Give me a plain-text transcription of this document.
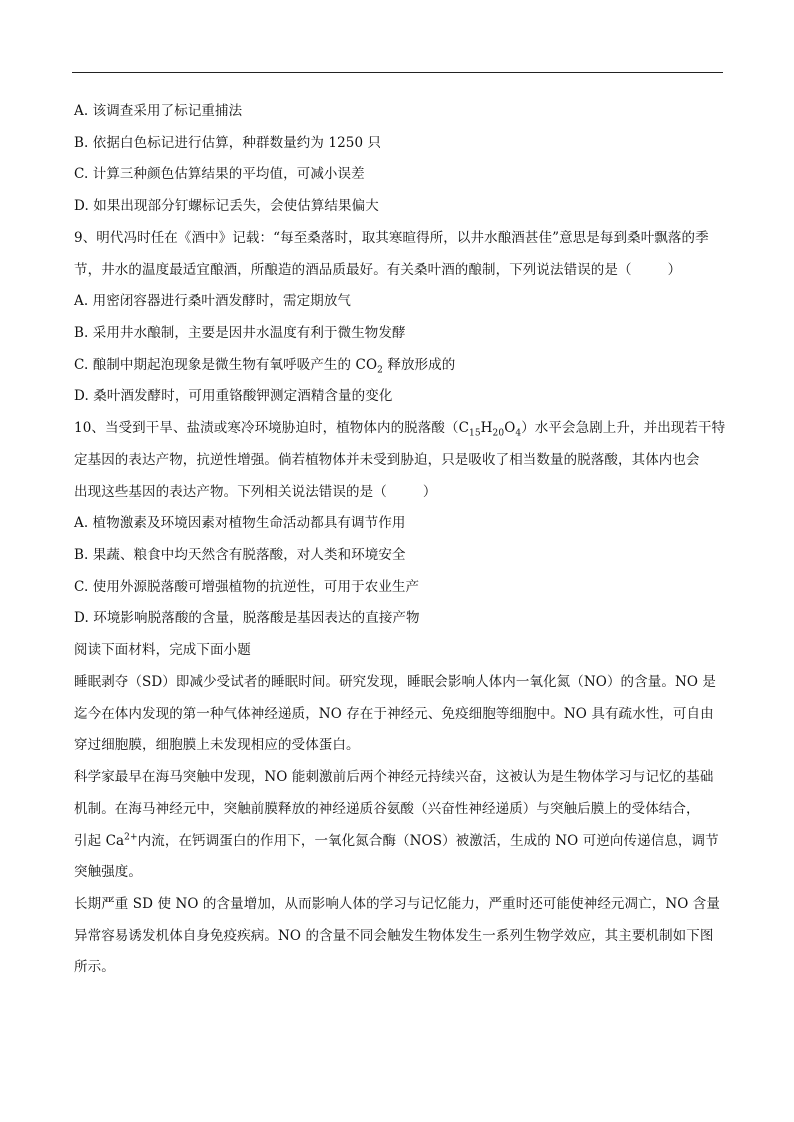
A. 该调查采用了标记重捕法
B. 依据白色标记进行估算，种群数量约为 1250 只
C. 计算三种颜色估算结果的平均值，可减小误差
D. 如果出现部分钉螺标记丢失，会使估算结果偏大
9、明代冯时任在《酒中》记载：“每至桑落时，取其寒暄得所，以井水酿酒甚佳”意思是每到桑叶飘落的季
节，井水的温度最适宜酿酒，所酿造的酒品质最好。有关桑叶酒的酿制，下列说法错误的是（	）
A. 用密闭容器进行桑叶酒发酵时，需定期放气
B. 采用井水酿制，主要是因井水温度有利于微生物发酵
C. 酿制中期起泡现象是微生物有氧呼吸产生的 $CO_2$ 释放形成的
D. 桑叶酒发酵时，可用重铬酸钾测定酒精含量的变化
10、当受到干旱、盐渍或寒冷环境胁迫时，植物体内的脱落酸$(C_{15}H_{20}O_4)$水平会急剧上升，并出现若干特
定基因的表达产物，抗逆性增强。倘若植物体并未受到胁迫，只是吸收了相当数量的脱落酸，其体内也会
出现这些基因的表达产物。下列相关说法错误的是（	）
A. 植物激素及环境因素对植物生命活动都具有调节作用
B. 果蔬、粮食中均天然含有脱落酸，对人类和环境安全
C. 使用外源脱落酸可增强植物的抗逆性，可用于农业生产
D. 环境影响脱落酸的含量，脱落酸是基因表达的直接产物
阅读下面材料，完成下面小题
睡眠剥夺（SD）即减少受试者的睡眠时间。研究发现，睡眠会影响人体内一氧化氮（NO）的含量。NO 是
迄今在体内发现的第一种气体神经递质，NO 存在于神经元、免疫细胞等细胞中。NO 具有疏水性，可自由
穿过细胞膜，细胞膜上未发现相应的受体蛋白。
科学家最早在海马突触中发现，NO 能刺激前后两个神经元持续兴奋，这被认为是生物体学习与记忆的基础
机制。在海马神经元中，突触前膜释放的神经递质谷氨酸（兴奋性神经递质）与突触后膜上的受体结合，
引起 $Ca^{2+}$内流，在钙调蛋白的作用下，一氧化氮合酶（NOS）被激活，生成的 NO 可逆向传递信息，调节
突触强度。
长期严重 SD 使 NO 的含量增加，从而影响人体的学习与记忆能力，严重时还可能使神经元凋亡，NO 含量
异常容易诱发机体自身免疫疾病。NO 的含量不同会触发生物体发生一系列生物学效应，其主要机制如下图
所示。
